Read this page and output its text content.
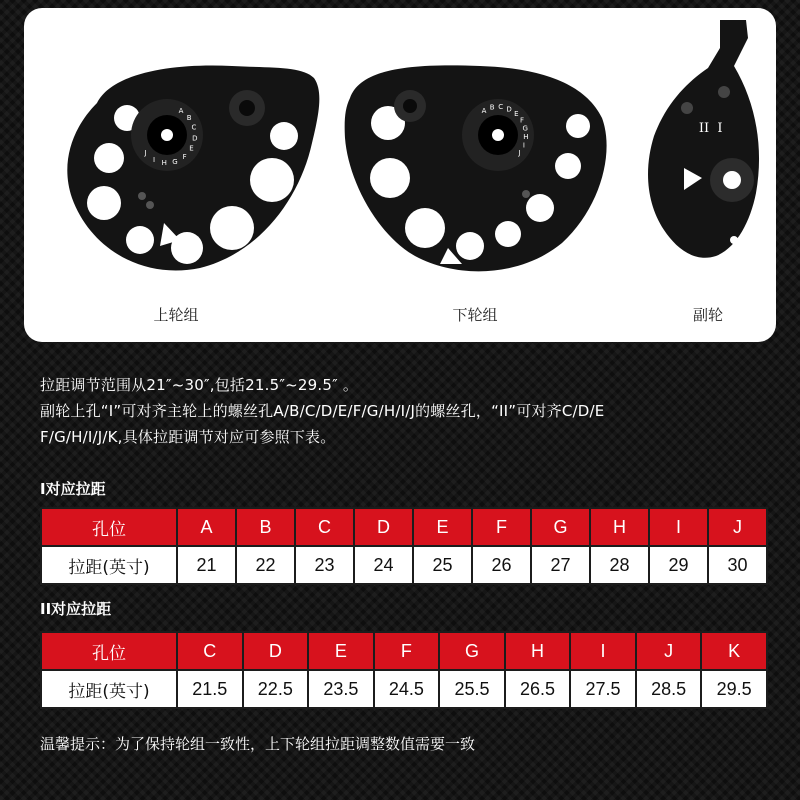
A
B
C
D
E
F
G
H
I
J
A B C D
E
F
G
H
I
J
II I
上轮组	下轮组	副轮

拉距调节范围从21″~30″,包括21.5″~29.5″ 。

副轮上孔“I”可对齐主轮上的螺丝孔A/B/C/D/E/F/G/H/I/J的螺丝孔，“II”可对齐C/D/E

F/G/H/I/J/K,具体拉距调节对应可参照下表。

I对应拉距
孔位	A	B	C	D	E	F	G	H	I	J
拉距(英寸)	21	22	23	24	25	26	27	28	29	30
II对应拉距
孔位	C	D	E	F	G	H	I	J	K
拉距(英寸)	21.5	22.5	23.5	24.5	25.5	26.5	27.5	28.5	29.5
温馨提示：为了保持轮组一致性，上下轮组拉距调整数值需要一致
